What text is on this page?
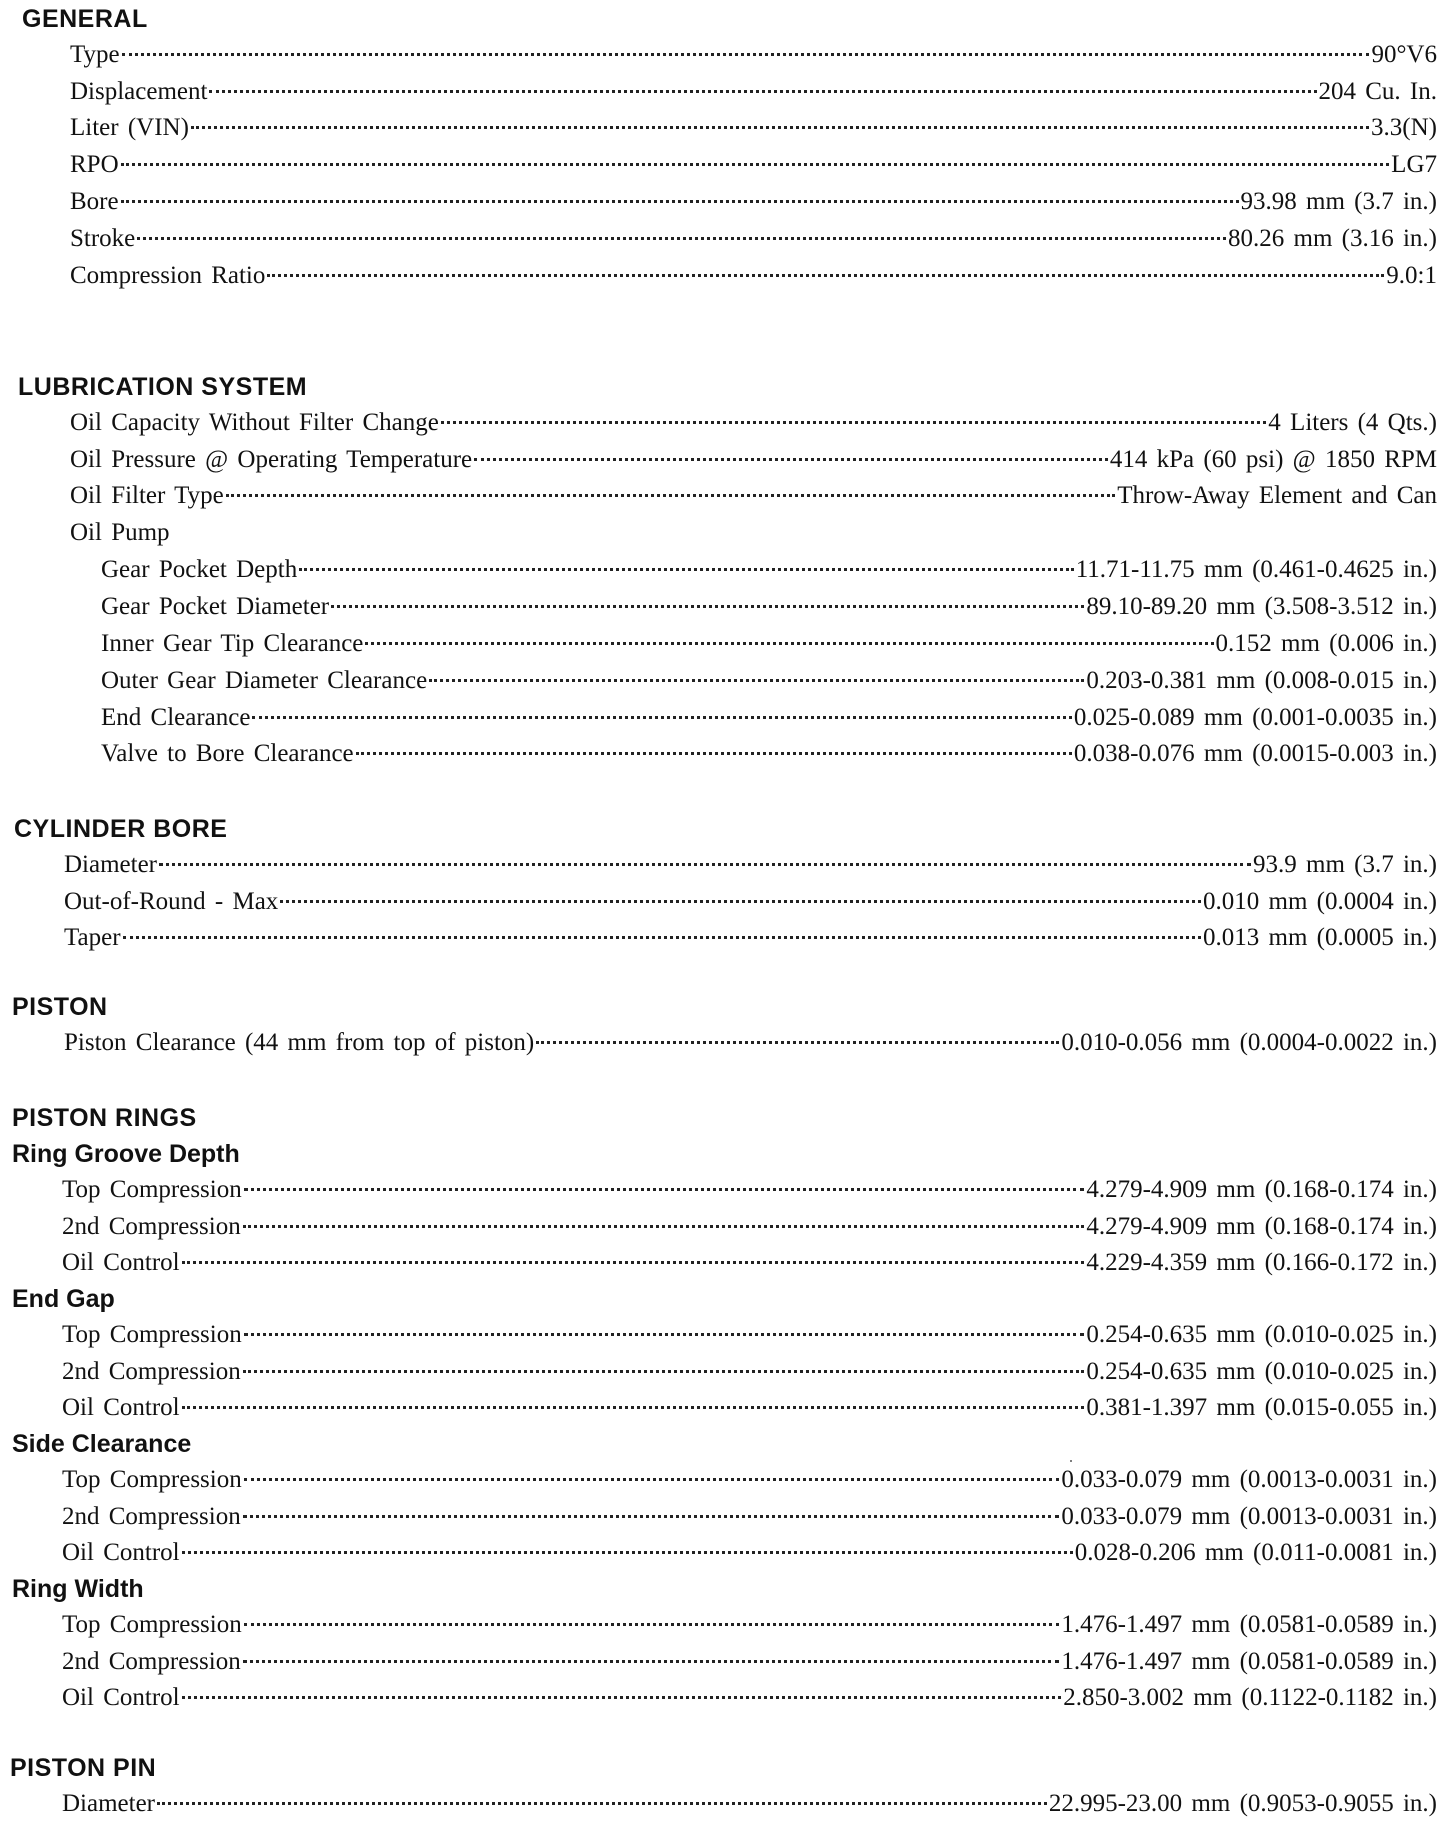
GENERAL
Type	90°V6
Displacement	204 Cu. In.
Liter (VIN)	3.3(N)
RPO	LG7
Bore	93.98 mm (3.7 in.)
Stroke	80.26 mm (3.16 in.)
Compression Ratio	9.0:1
LUBRICATION SYSTEM
Oil Capacity Without Filter Change	4 Liters (4 Qts.)
Oil Pressure @ Operating Temperature	414 kPa (60 psi) @ 1850 RPM
Oil Filter Type	Throw-Away Element and Can
Oil Pump
Gear Pocket Depth	11.71-11.75 mm (0.461-0.4625 in.)
Gear Pocket Diameter	89.10-89.20 mm (3.508-3.512 in.)
Inner Gear Tip Clearance	0.152 mm (0.006 in.)
Outer Gear Diameter Clearance	0.203-0.381 mm (0.008-0.015 in.)
End Clearance	0.025-0.089 mm (0.001-0.0035 in.)
Valve to Bore Clearance	0.038-0.076 mm (0.0015-0.003 in.)
CYLINDER BORE
Diameter	93.9 mm (3.7 in.)
Out-of-Round - Max	0.010 mm (0.0004 in.)
Taper	0.013 mm (0.0005 in.)
PISTON
Piston Clearance (44 mm from top of piston)	0.010-0.056 mm (0.0004-0.0022 in.)
PISTON RINGS
Ring Groove Depth
Top Compression	4.279-4.909 mm (0.168-0.174 in.)
2nd Compression	4.279-4.909 mm (0.168-0.174 in.)
Oil Control	4.229-4.359 mm (0.166-0.172 in.)
End Gap
Top Compression	0.254-0.635 mm (0.010-0.025 in.)
2nd Compression	0.254-0.635 mm (0.010-0.025 in.)
Oil Control	0.381-1.397 mm (0.015-0.055 in.)
Side Clearance
Top Compression	0.033-0.079 mm (0.0013-0.0031 in.)
2nd Compression	0.033-0.079 mm (0.0013-0.0031 in.)
Oil Control	0.028-0.206 mm (0.011-0.0081 in.)
Ring Width
Top Compression	1.476-1.497 mm (0.0581-0.0589 in.)
2nd Compression	1.476-1.497 mm (0.0581-0.0589 in.)
Oil Control	2.850-3.002 mm (0.1122-0.1182 in.)
PISTON PIN
Diameter	22.995-23.00 mm (0.9053-0.9055 in.)
